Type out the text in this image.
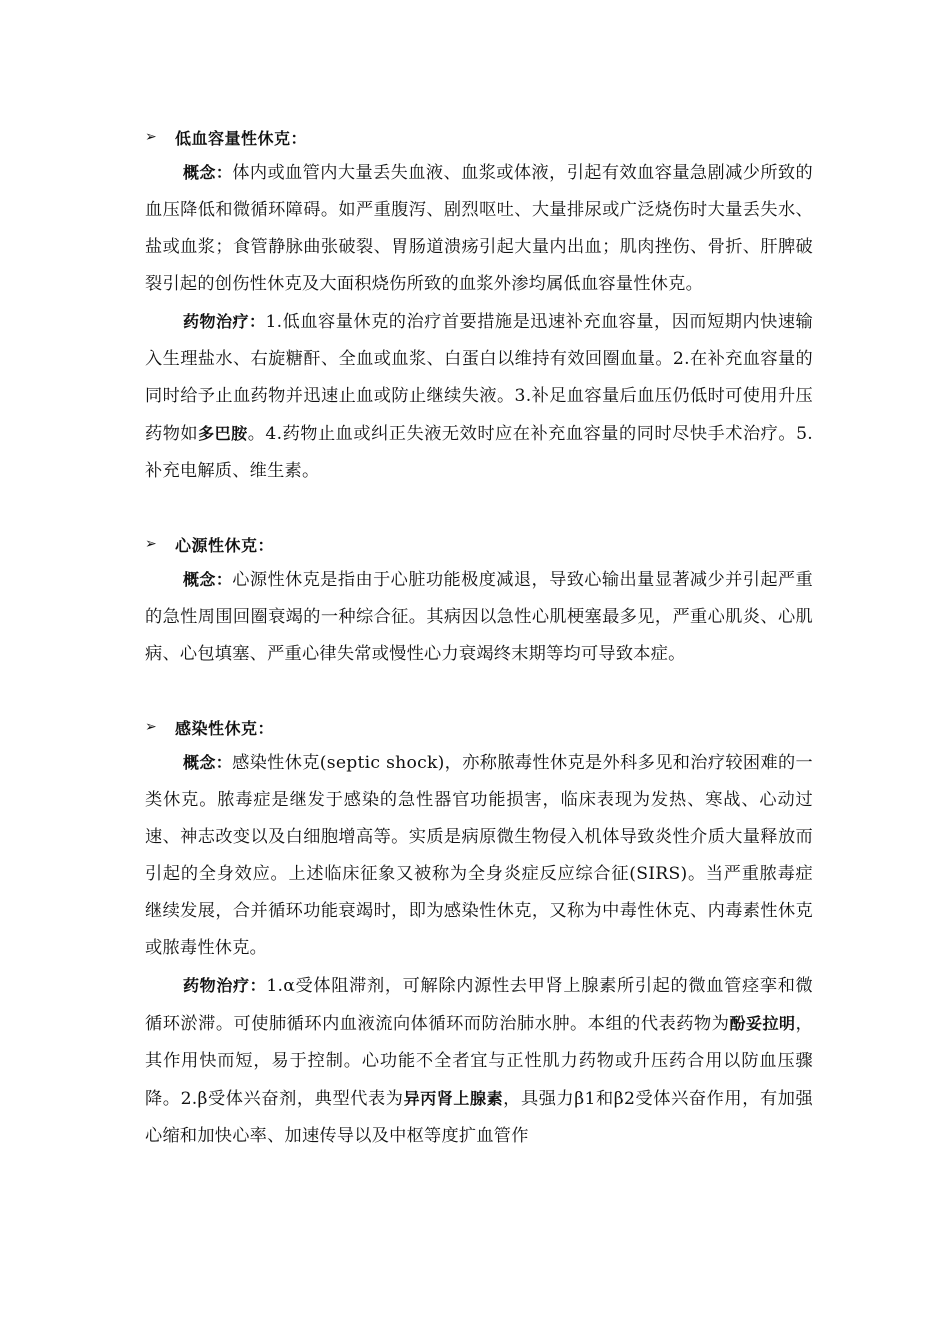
➢	低血容量性休克：

概念：体内或血管内大量丢失血液、血浆或体液，引起有效血容量急剧减少所致的血压降低和微循环障碍。如严重腹泻、剧烈呕吐、大量排尿或广泛烧伤时大量丢失水、盐或血浆；食管静脉曲张破裂、胃肠道溃疡引起大量内出血；肌肉挫伤、骨折、肝脾破裂引起的创伤性休克及大面积烧伤所致的血浆外渗均属低血容量性休克。

药物治疗：1.低血容量休克的治疗首要措施是迅速补充血容量，因而短期内快速输入生理盐水、右旋糖酐、全血或血浆、白蛋白以维持有效回圈血量。2.在补充血容量的同时给予止血药物并迅速止血或防止继续失液。3.补足血容量后血压仍低时可使用升压药物如多巴胺。4.药物止血或纠正失液无效时应在补充血容量的同时尽快手术治疗。5.补充电解质、维生素。

➢	心源性休克：

概念：心源性休克是指由于心脏功能极度减退，导致心输出量显著减少并引起严重的急性周围回圈衰竭的一种综合征。其病因以急性心肌梗塞最多见，严重心肌炎、心肌病、心包填塞、严重心律失常或慢性心力衰竭终末期等均可导致本症。

➢	感染性休克：

概念：感染性休克(septic shock)，亦称脓毒性休克是外科多见和治疗较困难的一类休克。脓毒症是继发于感染的急性器官功能损害，临床表现为发热、寒战、心动过速、神志改变以及白细胞增高等。实质是病原微生物侵入机体导致炎性介质大量释放而引起的全身效应。上述临床征象又被称为全身炎症反应综合征(SIRS)。当严重脓毒症继续发展，合并循环功能衰竭时，即为感染性休克，又称为中毒性休克、内毒素性休克或脓毒性休克。

药物治疗：1.α受体阻滞剂，可解除内源性去甲肾上腺素所引起的微血管痉挛和微循环淤滞。可使肺循环内血液流向体循环而防治肺水肿。本组的代表药物为酚妥拉明，其作用快而短，易于控制。心功能不全者宜与正性肌力药物或升压药合用以防血压骤降。2.β受体兴奋剂，典型代表为异丙肾上腺素，具强力β1和β2受体兴奋作用，有加强心缩和加快心率、加速传导以及中枢等度扩血管作
